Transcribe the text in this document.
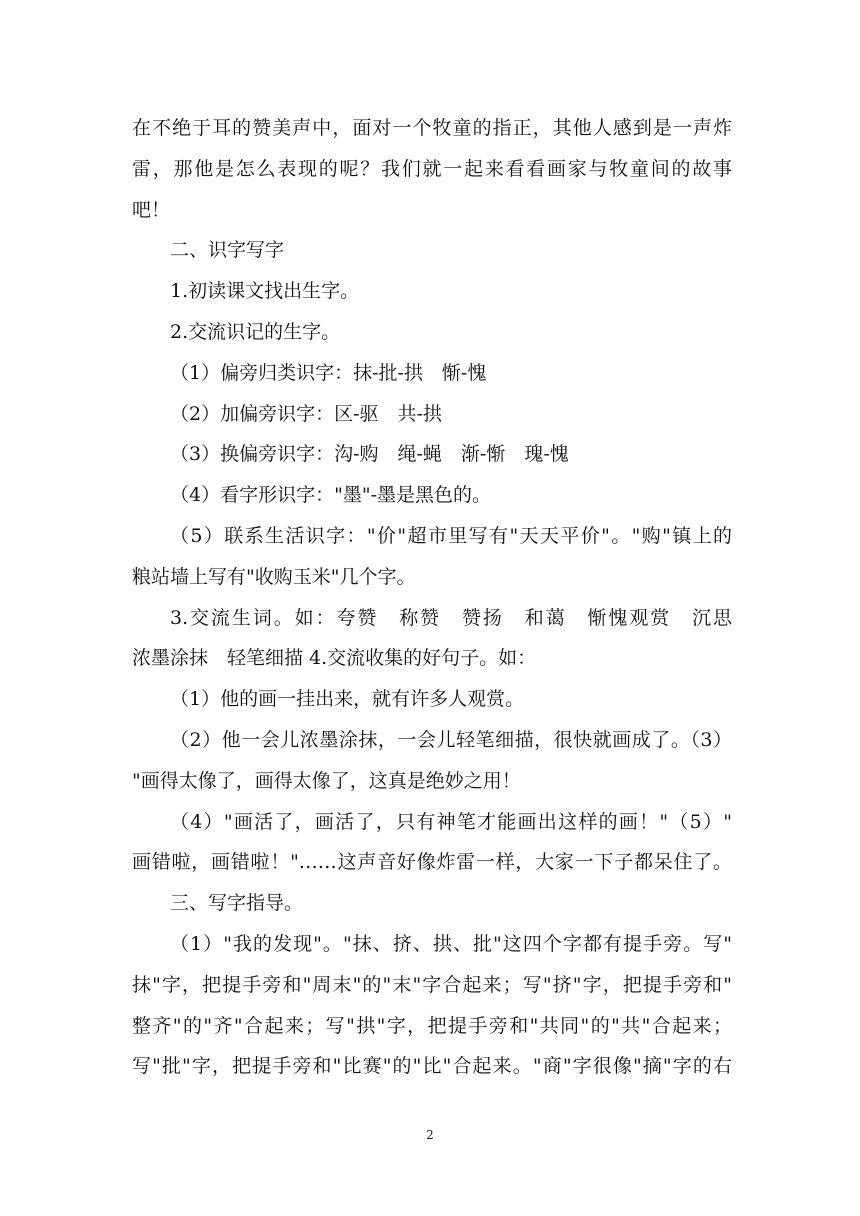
在不绝于耳的赞美声中，面对一个牧童的指正，其他人感到是一声炸
雷，那他是怎么表现的呢？我们就一起来看看画家与牧童间的故事
吧！
二、识字写字
1.初读课文找出生字。
2.交流识记的生字。
（1）偏旁归类识字：抹-批-拱　惭-愧
（2）加偏旁识字：区-驱　共-拱
（3）换偏旁识字：沟-购　绳-蝇　渐-惭　瑰-愧
（4）看字形识字："墨"-墨是黑色的。
（5）联系生活识字："价"超市里写有"天天平价"。"购"镇上的
粮站墙上写有"收购玉米"几个字。
3.交流生词。如：夸赞　称赞　赞扬　和蔼　惭愧观赏　沉思
浓墨涂抹　轻笔细描 4.交流收集的好句子。如：
（1）他的画一挂出来，就有许多人观赏。
（2）他一会儿浓墨涂抹，一会儿轻笔细描，很快就画成了。（3）
"画得太像了，画得太像了，这真是绝妙之用！
（4）"画活了，画活了，只有神笔才能画出这样的画！"（5）"
画错啦，画错啦！"……这声音好像炸雷一样，大家一下子都呆住了。
三、写字指导。
（1）"我的发现"。"抹、挤、拱、批"这四个字都有提手旁。写"
抹"字，把提手旁和"周末"的"末"字合起来；写"挤"字，把提手旁和"
整齐"的"齐"合起来；写"拱"字，把提手旁和"共同"的"共"合起来；
写"批"字，把提手旁和"比赛"的"比"合起来。"商"字很像"摘"字的右
2
